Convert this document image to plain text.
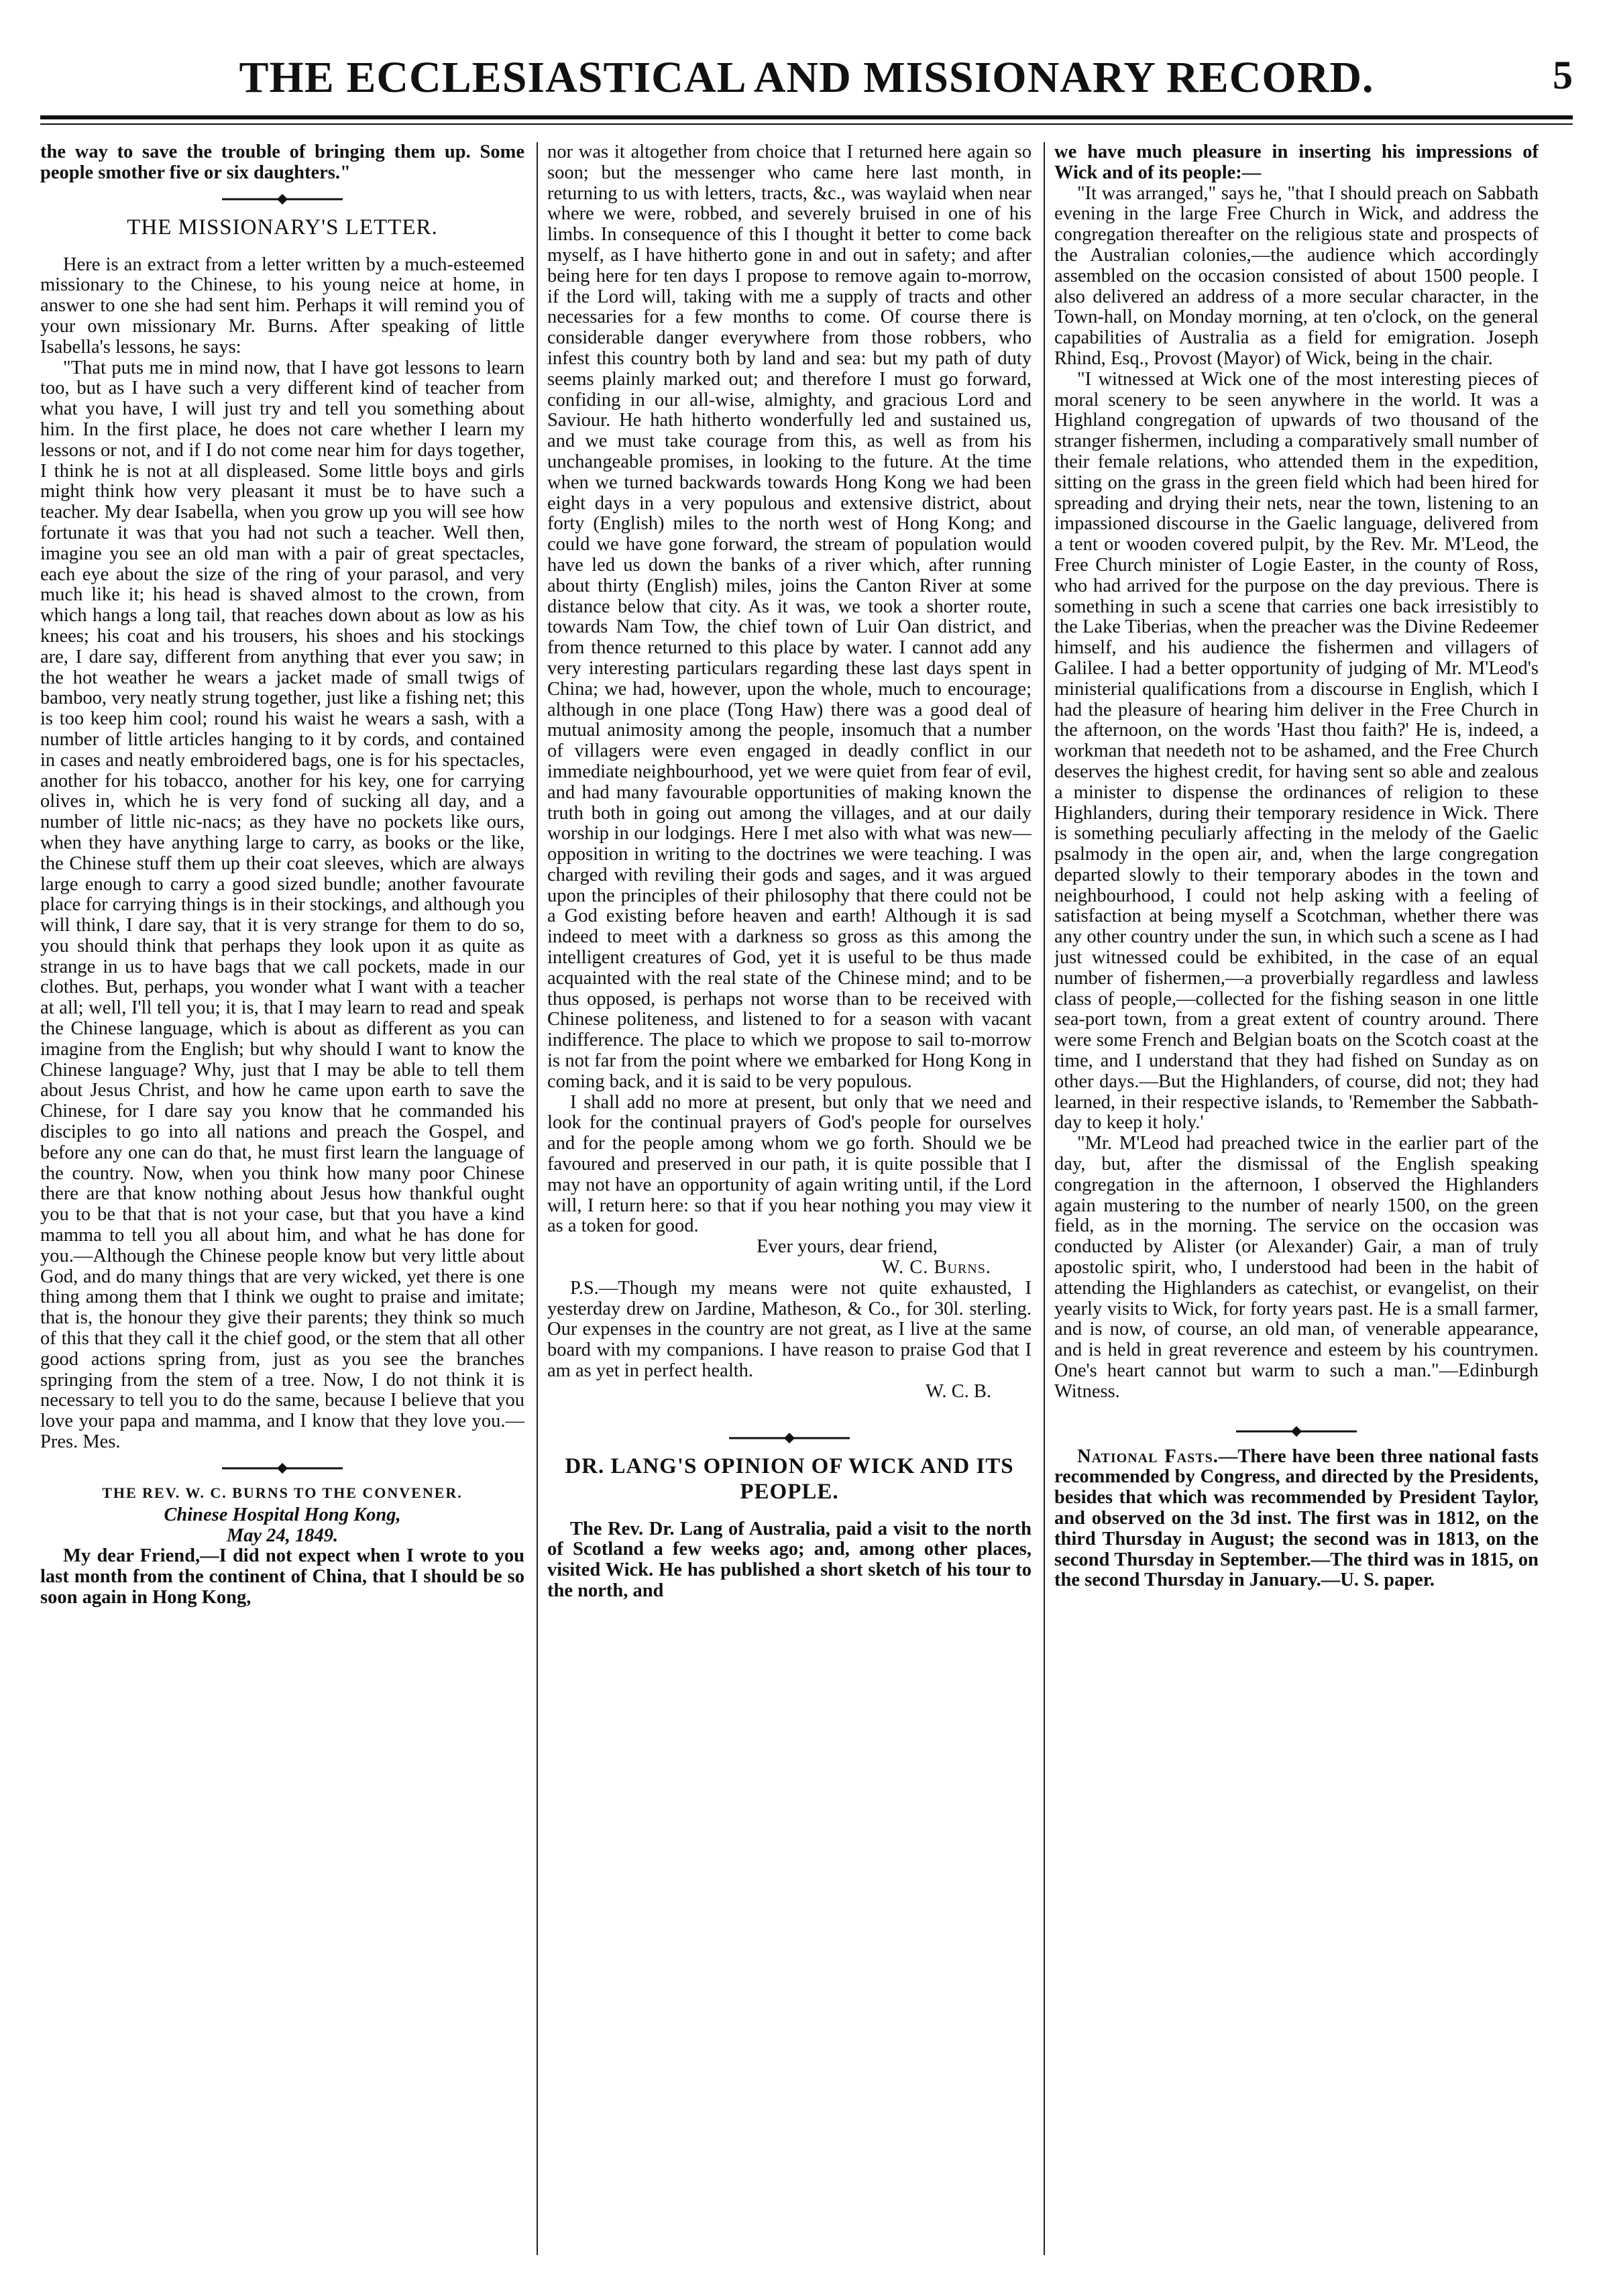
THE ECCLESIASTICAL AND MISSIONARY RECORD.	5

the way to save the trouble of bringing them up. Some people smother five or six daughters."

THE MISSIONARY'S LETTER.

Here is an extract from a letter written by a much-esteemed missionary to the Chinese, to his young neice at home, in answer to one she had sent him. Perhaps it will remind you of your own missionary Mr. Burns. After speaking of little Isabella's lessons, he says:

"That puts me in mind now, that I have got lessons to learn too, but as I have such a very different kind of teacher from what you have, I will just try and tell you something about him. In the first place, he does not care whether I learn my lessons or not, and if I do not come near him for days together, I think he is not at all displeased. Some little boys and girls might think how very pleasant it must be to have such a teacher. My dear Isabella, when you grow up you will see how fortunate it was that you had not such a teacher. Well then, imagine you see an old man with a pair of great spectacles, each eye about the size of the ring of your parasol, and very much like it; his head is shaved almost to the crown, from which hangs a long tail, that reaches down about as low as his knees; his coat and his trousers, his shoes and his stockings are, I dare say, different from anything that ever you saw; in the hot weather he wears a jacket made of small twigs of bamboo, very neatly strung together, just like a fishing net; this is too keep him cool; round his waist he wears a sash, with a number of little articles hanging to it by cords, and contained in cases and neatly embroidered bags, one is for his spectacles, another for his tobacco, another for his key, one for carrying olives in, which he is very fond of sucking all day, and a number of little nic-nacs; as they have no pockets like ours, when they have anything large to carry, as books or the like, the Chinese stuff them up their coat sleeves, which are always large enough to carry a good sized bundle; another favourate place for carrying things is in their stockings, and although you will think, I dare say, that it is very strange for them to do so, you should think that perhaps they look upon it as quite as strange in us to have bags that we call pockets, made in our clothes. But, perhaps, you wonder what I want with a teacher at all; well, I'll tell you; it is, that I may learn to read and speak the Chinese language, which is about as different as you can imagine from the English; but why should I want to know the Chinese language? Why, just that I may be able to tell them about Jesus Christ, and how he came upon earth to save the Chinese, for I dare say you know that he commanded his disciples to go into all nations and preach the Gospel, and before any one can do that, he must first learn the language of the country. Now, when you think how many poor Chinese there are that know nothing about Jesus how thankful ought you to be that that is not your case, but that you have a kind mamma to tell you all about him, and what he has done for you.—Although the Chinese people know but very little about God, and do many things that are very wicked, yet there is one thing among them that I think we ought to praise and imitate; that is, the honour they give their parents; they think so much of this that they call it the chief good, or the stem that all other good actions spring from, just as you see the branches springing from the stem of a tree. Now, I do not think it is necessary to tell you to do the same, because I believe that you love your papa and mamma, and I know that they love you.—Pres. Mes.

THE REV. W. C. BURNS TO THE CONVENER.

Chinese Hospital Hong Kong,

May 24, 1849.

My dear Friend,—I did not expect when I wrote to you last month from the continent of China, that I should be so soon again in Hong Kong,

nor was it altogether from choice that I returned here again so soon; but the messenger who came here last month, in returning to us with letters, tracts, &c., was waylaid when near where we were, robbed, and severely bruised in one of his limbs. In consequence of this I thought it better to come back myself, as I have hitherto gone in and out in safety; and after being here for ten days I propose to remove again to-morrow, if the Lord will, taking with me a supply of tracts and other necessaries for a few months to come. Of course there is considerable danger everywhere from those robbers, who infest this country both by land and sea: but my path of duty seems plainly marked out; and therefore I must go forward, confiding in our all-wise, almighty, and gracious Lord and Saviour. He hath hitherto wonderfully led and sustained us, and we must take courage from this, as well as from his unchangeable promises, in looking to the future. At the time when we turned backwards towards Hong Kong we had been eight days in a very populous and extensive district, about forty (English) miles to the north west of Hong Kong; and could we have gone forward, the stream of population would have led us down the banks of a river which, after running about thirty (English) miles, joins the Canton River at some distance below that city. As it was, we took a shorter route, towards Nam Tow, the chief town of Luir Oan district, and from thence returned to this place by water. I cannot add any very interesting particulars regarding these last days spent in China; we had, however, upon the whole, much to encourage; although in one place (Tong Haw) there was a good deal of mutual animosity among the people, insomuch that a number of villagers were even engaged in deadly conflict in our immediate neighbourhood, yet we were quiet from fear of evil, and had many favourable opportunities of making known the truth both in going out among the villages, and at our daily worship in our lodgings. Here I met also with what was new—opposition in writing to the doctrines we were teaching. I was charged with reviling their gods and sages, and it was argued upon the principles of their philosophy that there could not be a God existing before heaven and earth! Although it is sad indeed to meet with a darkness so gross as this among the intelligent creatures of God, yet it is useful to be thus made acquainted with the real state of the Chinese mind; and to be thus opposed, is perhaps not worse than to be received with Chinese politeness, and listened to for a season with vacant indifference. The place to which we propose to sail to-morrow is not far from the point where we embarked for Hong Kong in coming back, and it is said to be very populous.

I shall add no more at present, but only that we need and look for the continual prayers of God's people for ourselves and for the people among whom we go forth. Should we be favoured and preserved in our path, it is quite possible that I may not have an opportunity of again writing until, if the Lord will, I return here: so that if you hear nothing you may view it as a token for good.

Ever yours, dear friend,

W. C. Burns.

P.S.—Though my means were not quite exhausted, I yesterday drew on Jardine, Matheson, & Co., for 30l. sterling. Our expenses in the country are not great, as I live at the same board with my companions. I have reason to praise God that I am as yet in perfect health.

W. C. B.

DR. LANG'S OPINION OF WICK AND ITS PEOPLE.

The Rev. Dr. Lang of Australia, paid a visit to the north of Scotland a few weeks ago; and, among other places, visited Wick. He has published a short sketch of his tour to the north, and

we have much pleasure in inserting his impressions of Wick and of its people:—

"It was arranged," says he, "that I should preach on Sabbath evening in the large Free Church in Wick, and address the congregation thereafter on the religious state and prospects of the Australian colonies,—the audience which accordingly assembled on the occasion consisted of about 1500 people. I also delivered an address of a more secular character, in the Town-hall, on Monday morning, at ten o'clock, on the general capabilities of Australia as a field for emigration. Joseph Rhind, Esq., Provost (Mayor) of Wick, being in the chair.

"I witnessed at Wick one of the most interesting pieces of moral scenery to be seen anywhere in the world. It was a Highland congregation of upwards of two thousand of the stranger fishermen, including a comparatively small number of their female relations, who attended them in the expedition, sitting on the grass in the green field which had been hired for spreading and drying their nets, near the town, listening to an impassioned discourse in the Gaelic language, delivered from a tent or wooden covered pulpit, by the Rev. Mr. M'Leod, the Free Church minister of Logie Easter, in the county of Ross, who had arrived for the purpose on the day previous. There is something in such a scene that carries one back irresistibly to the Lake Tiberias, when the preacher was the Divine Redeemer himself, and his audience the fishermen and villagers of Galilee. I had a better opportunity of judging of Mr. M'Leod's ministerial qualifications from a discourse in English, which I had the pleasure of hearing him deliver in the Free Church in the afternoon, on the words 'Hast thou faith?' He is, indeed, a workman that needeth not to be ashamed, and the Free Church deserves the highest credit, for having sent so able and zealous a minister to dispense the ordinances of religion to these Highlanders, during their temporary residence in Wick. There is something peculiarly affecting in the melody of the Gaelic psalmody in the open air, and, when the large congregation departed slowly to their temporary abodes in the town and neighbourhood, I could not help asking with a feeling of satisfaction at being myself a Scotchman, whether there was any other country under the sun, in which such a scene as I had just witnessed could be exhibited, in the case of an equal number of fishermen,—a proverbially regardless and lawless class of people,—collected for the fishing season in one little sea-port town, from a great extent of country around. There were some French and Belgian boats on the Scotch coast at the time, and I understand that they had fished on Sunday as on other days.—But the Highlanders, of course, did not; they had learned, in their respective islands, to 'Remember the Sabbath-day to keep it holy.'

"Mr. M'Leod had preached twice in the earlier part of the day, but, after the dismissal of the English speaking congregation in the afternoon, I observed the Highlanders again mustering to the number of nearly 1500, on the green field, as in the morning. The service on the occasion was conducted by Alister (or Alexander) Gair, a man of truly apostolic spirit, who, I understood had been in the habit of attending the Highlanders as catechist, or evangelist, on their yearly visits to Wick, for forty years past. He is a small farmer, and is now, of course, an old man, of venerable appearance, and is held in great reverence and esteem by his countrymen. One's heart cannot but warm to such a man."—Edinburgh Witness.

National Fasts.—There have been three national fasts recommended by Congress, and directed by the Presidents, besides that which was recommended by President Taylor, and observed on the 3d inst. The first was in 1812, on the third Thursday in August; the second was in 1813, on the second Thursday in September.—The third was in 1815, on the second Thursday in January.—U. S. paper.
